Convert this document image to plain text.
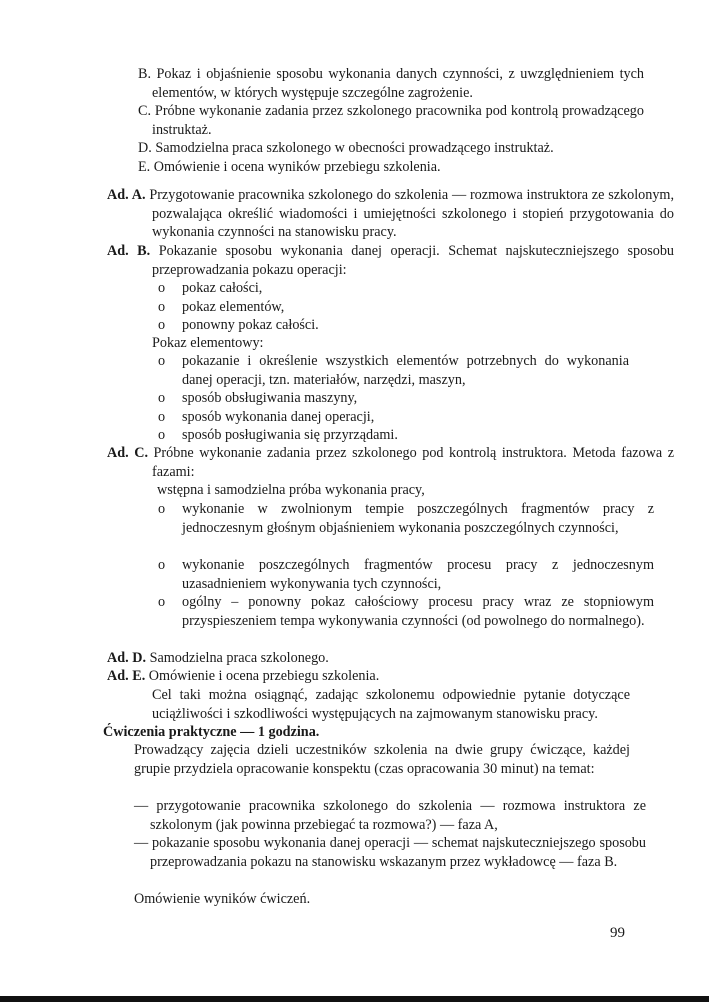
B. Pokaz i objaśnienie sposobu wykonania danych czynności, z uwzględnieniem tych elementów, w których występuje szczególne zagrożenie.
C. Próbne wykonanie zadania przez szkolonego pracownika pod kontrolą prowadzącego instruktaż.
D. Samodzielna praca szkolonego w obecności prowadzącego instruktaż.
E. Omówienie i ocena wyników przebiegu szkolenia.
Ad. A. Przygotowanie pracownika szkolonego do szkolenia — rozmowa instruktora ze szkolonym, pozwalająca określić wiadomości i umiejętności szkolonego i stopień przygotowania do wykonania czynności na stanowisku pracy.
Ad. B. Pokazanie sposobu wykonania danej operacji. Schemat najskuteczniejszego sposobu przeprowadzania pokazu operacji:
o pokaz całości,
o pokaz elementów,
o ponowny pokaz całości.
Pokaz elementowy:
o pokazanie i określenie wszystkich elementów potrzebnych do wykonania danej operacji, tzn. materiałów, narzędzi, maszyn,
o sposób obsługiwania maszyny,
o sposób wykonania danej operacji,
o sposób posługiwania się przyrządami.
Ad. C. Próbne wykonanie zadania przez szkolonego pod kontrolą instruktora. Metoda fazowa z fazami:
wstępna i samodzielna próba wykonania pracy,
o wykonanie w zwolnionym tempie poszczególnych fragmentów pracy z jednoczesnym głośnym objaśnieniem wykonania poszczególnych czynności,
o wykonanie poszczególnych fragmentów procesu pracy z jednoczesnym uzasadnieniem wykonywania tych czynności,
o ogólny – ponowny pokaz całościowy procesu pracy wraz ze stopniowym przyspieszeniem tempa wykonywania czynności (od powolnego do normalnego).
Ad. D. Samodzielna praca szkolonego.
Ad. E. Omówienie i ocena przebiegu szkolenia.
Cel taki można osiągnąć, zadając szkolonemu odpowiednie pytanie dotyczące uciążliwości i szkodliwości występujących na zajmowanym stanowisku pracy.
Ćwiczenia praktyczne — 1 godzina.
Prowadzący zajęcia dzieli uczestników szkolenia na dwie grupy ćwiczące, każdej grupie przydziela opracowanie konspektu (czas opracowania 30 minut) na temat:
— przygotowanie pracownika szkolonego do szkolenia — rozmowa instruktora ze szkolonym (jak powinna przebiegać ta rozmowa?) — faza A,
— pokazanie sposobu wykonania danej operacji — schemat najskuteczniejszego sposobu przeprowadzania pokazu na stanowisku wskazanym przez wykładowcę — faza B.
Omówienie wyników ćwiczeń.
99
